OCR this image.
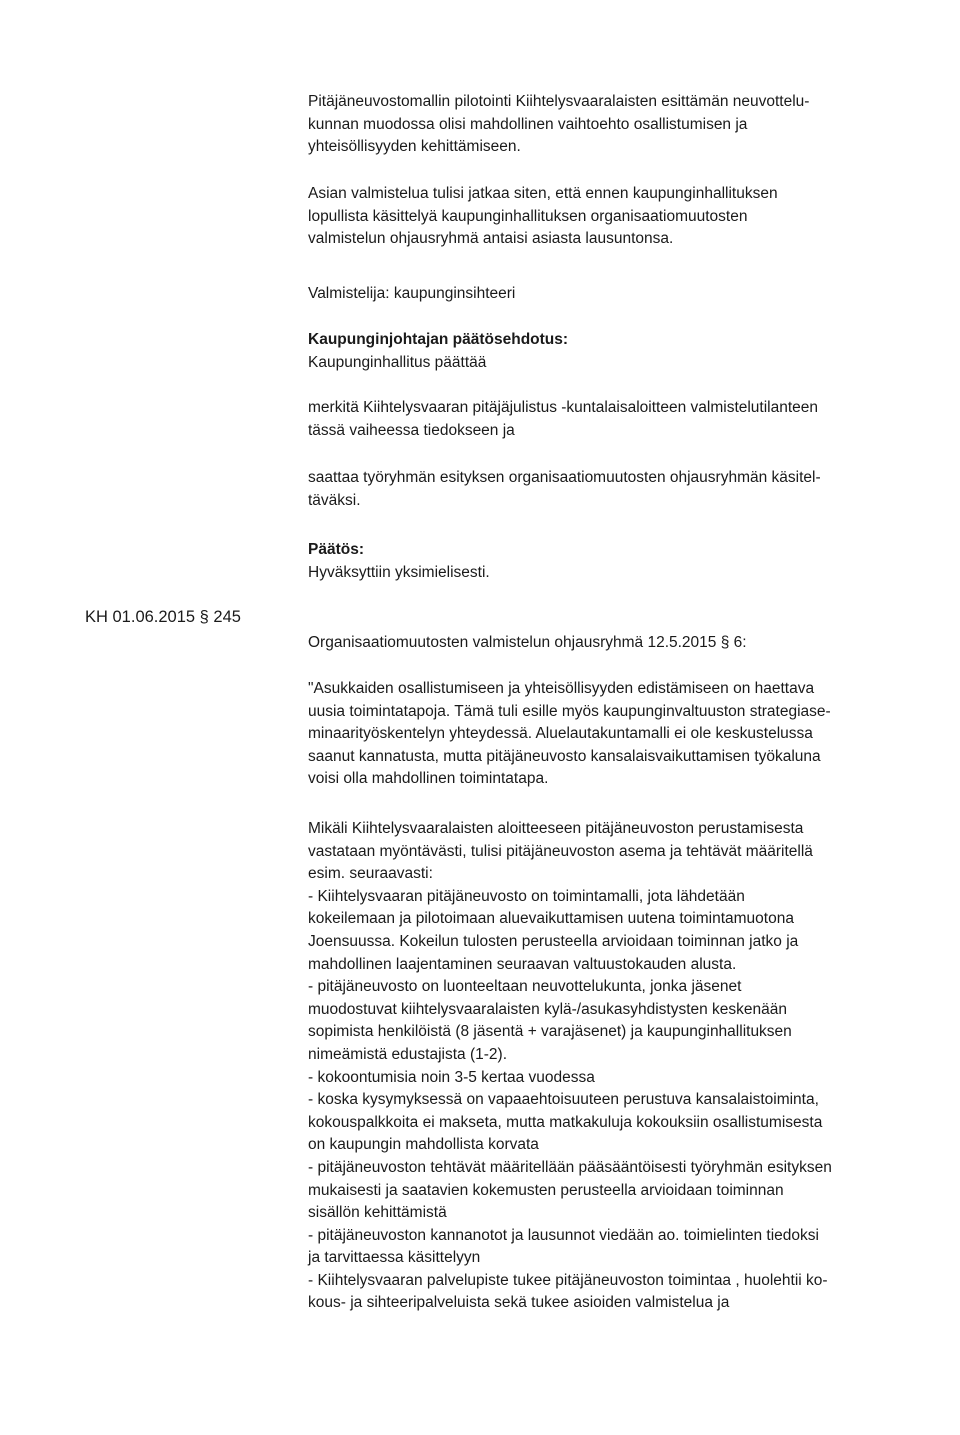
Pitäjäneuvostomallin pilotointi Kiihtelysvaaralaisten esittämän neuvottelu-
kunnan muodossa olisi mahdollinen vaihtoehto osallistumisen ja
yhteisöllisyyden kehittämiseen.
Asian valmistelua tulisi jatkaa siten, että ennen kaupunginhallituksen
lopullista käsittelyä kaupunginhallituksen organisaatiomuutosten
valmistelun ohjausryhmä antaisi asiasta lausuntonsa.
Valmistelija: kaupunginsihteeri
Kaupunginjohtajan päätösehdotus:
Kaupunginhallitus päättää
merkitä Kiihtelysvaaran pitäjäjulistus -kuntalaisaloitteen valmistelutilanteen
tässä vaiheessa tiedokseen ja
saattaa työryhmän esityksen organisaatiomuutosten ohjausryhmän käsitel-
täväksi.
Päätös:
Hyväksyttiin yksimielisesti.
KH 01.06.2015 § 245
Organisaatiomuutosten valmistelun ohjausryhmä 12.5.2015 § 6:
"Asukkaiden osallistumiseen ja yhteisöllisyyden edistämiseen on haettava
uusia toimintatapoja. Tämä tuli esille myös kaupunginvaltuuston strategiase-
minaarityöskentelyn yhteydessä. Aluelautakuntamalli ei ole keskustelussa
saanut kannatusta, mutta pitäjäneuvosto kansalaisvaikuttamisen työkaluna
voisi olla mahdollinen toimintatapa.
Mikäli Kiihtelysvaaralaisten aloitteeseen pitäjäneuvoston perustamisesta
vastataan myöntävästi, tulisi pitäjäneuvoston asema ja tehtävät määritellä
esim. seuraavasti:
- Kiihtelysvaaran pitäjäneuvosto on toimintamalli, jota lähdetään
kokeilemaan ja pilotoimaan aluevaikuttamisen uutena toimintamuotona
Joensuussa. Kokeilun tulosten perusteella arvioidaan toiminnan jatko ja
mahdollinen laajentaminen seuraavan valtuustokauden alusta.
- pitäjäneuvosto on luonteeltaan neuvottelukunta, jonka jäsenet
muodostuvat kiihtelysvaaralaisten kylä-/asukasyhdistysten keskenään
sopimista henkilöistä (8 jäsentä + varajäsenet) ja kaupunginhallituksen
nimeämistä edustajista (1-2).
- kokoontumisia noin 3-5 kertaa vuodessa
- koska kysymyksessä on vapaaehtoisuuteen perustuva kansalaistoiminta,
kokouspalkkoita ei makseta, mutta matkakuluja kokouksiin osallistumisesta
on kaupungin mahdollista korvata
- pitäjäneuvoston tehtävät määritellään pääsääntöisesti työryhmän esityksen
mukaisesti ja saatavien kokemusten perusteella arvioidaan toiminnan
sisällön kehittämistä
- pitäjäneuvoston kannanotot ja lausunnot viedään ao. toimielinten tiedoksi
ja tarvittaessa käsittelyyn
- Kiihtelysvaaran palvelupiste tukee pitäjäneuvoston toimintaa , huolehtii ko-
kous- ja sihteeripalveluista sekä tukee asioiden valmistelua ja
